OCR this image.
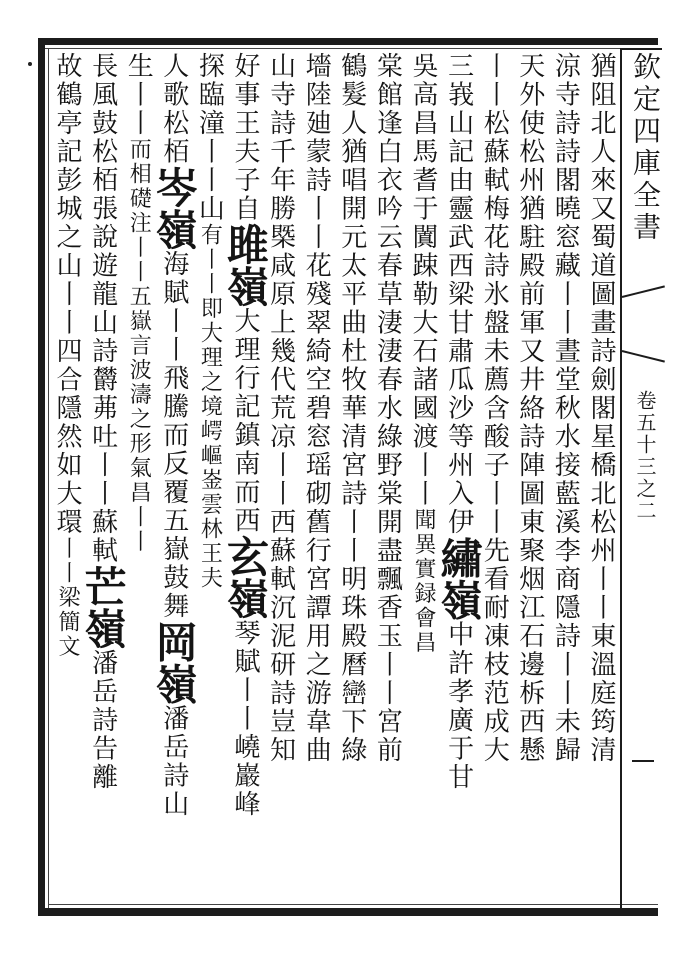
欽定四庫全書
卷五十三之二
猶阻北人來又蜀道圖畫詩劍閣星橋北松州丨丨東溫庭筠清
涼寺詩詩閣曉窓藏丨丨晝堂秋水接藍溪李商隱詩丨丨未歸
天外使松州猶駐殿前軍又井絡詩陣圖東聚烟江石邊柝西懸
丨丨松蘇軾梅花詩氷盤未薦含酸子丨丨先看耐凍枝范成大
三峩山記由靈武西梁甘肅瓜沙等州入伊繡嶺中許孝廣于甘
吳高昌馬耆于闐踈勒大石諸國渡丨丨聞異實録會昌
棠館逢白衣吟云春草淒淒春水綠野棠開盡飄香玉丨丨宮前
鶴髮人猶唱開元太平曲杜牧華清宮詩丨丨明珠殿曆巒下綠
墻陸廸蒙詩丨丨花殘翠綺空碧窓瑶砌舊行宮譚用之游韋曲
山寺詩千年勝槩咸原上幾代荒凉丨丨西蘇軾沉泥研詩豈知
好事王夫子自雎嶺大理行記鎮南而西玄嶺琴賦丨丨嶢巖峰
探臨潼丨丨山有丨丨即大理之境崿嶇崟雲林王夫
人歌松栢岑嶺海賦丨丨飛騰而反覆五嶽鼓舞岡嶺潘岳詩山
生丨丨而相礎注丨丨五嶽言波濤之形氣昌丨丨
長風鼓松栢張說遊龍山詩欝茀吐丨丨蘇軾芒嶺潘岳詩告離
故鶴亭記彭城之山丨丨四合隱然如大環丨丨梁簡文
